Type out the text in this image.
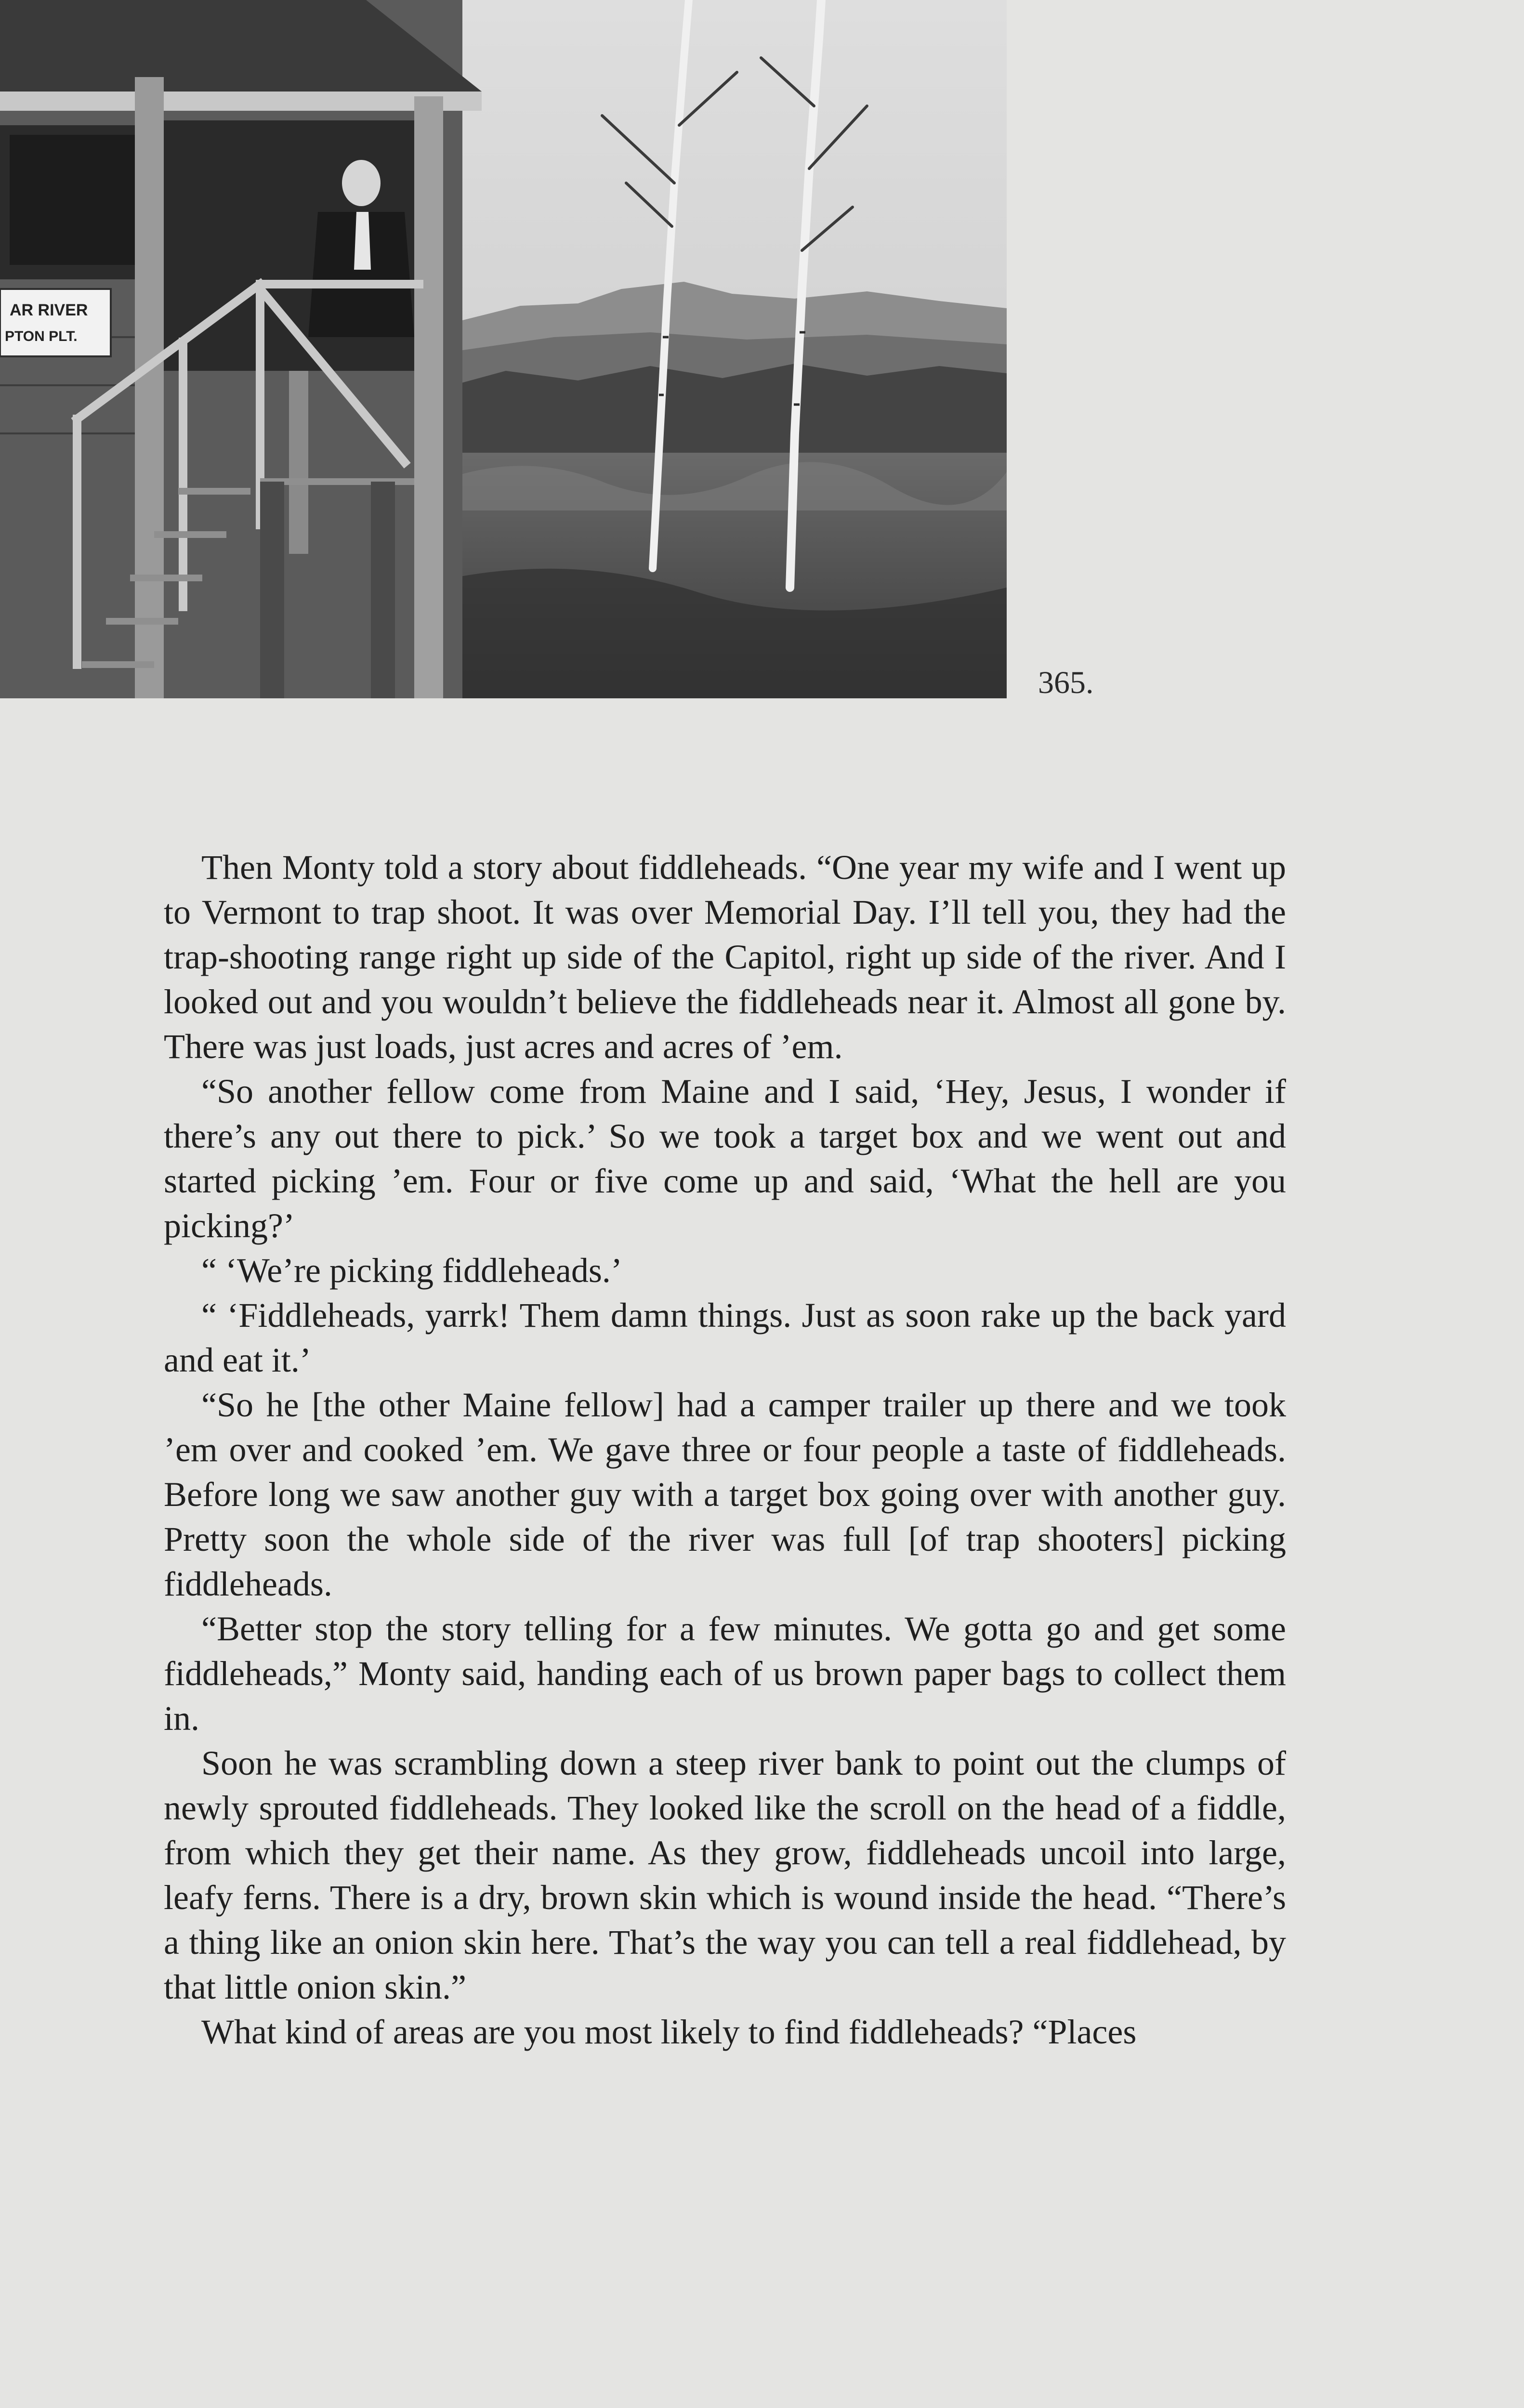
AR RIVER
PTON PLT.
365.

Then Monty told a story about fiddleheads. “One year my wife and I went up to Vermont to trap shoot. It was over Memorial Day. I’ll tell you, they had the trap-shooting range right up side of the Capitol, right up side of the river. And I looked out and you wouldn’t believe the fiddleheads near it. Almost all gone by. There was just loads, just acres and acres of ’em.

“So another fellow come from Maine and I said, ‘Hey, Jesus, I wonder if there’s any out there to pick.’ So we took a target box and we went out and started picking ’em. Four or five come up and said, ‘What the hell are you picking?’

“ ‘We’re picking fiddleheads.’

“ ‘Fiddleheads, yarrk! Them damn things. Just as soon rake up the back yard and eat it.’

“So he [the other Maine fellow] had a camper trailer up there and we took ’em over and cooked ’em. We gave three or four people a taste of fiddleheads. Before long we saw another guy with a target box going over with another guy. Pretty soon the whole side of the river was full [of trap shooters] picking fiddleheads.

“Better stop the story telling for a few minutes. We gotta go and get some fiddleheads,” Monty said, handing each of us brown paper bags to collect them in.

Soon he was scrambling down a steep river bank to point out the clumps of newly sprouted fiddleheads. They looked like the scroll on the head of a fiddle, from which they get their name. As they grow, fiddleheads uncoil into large, leafy ferns. There is a dry, brown skin which is wound inside the head. “There’s a thing like an onion skin here. That’s the way you can tell a real fiddlehead, by that little onion skin.”

What kind of areas are you most likely to find fiddleheads? “Places
